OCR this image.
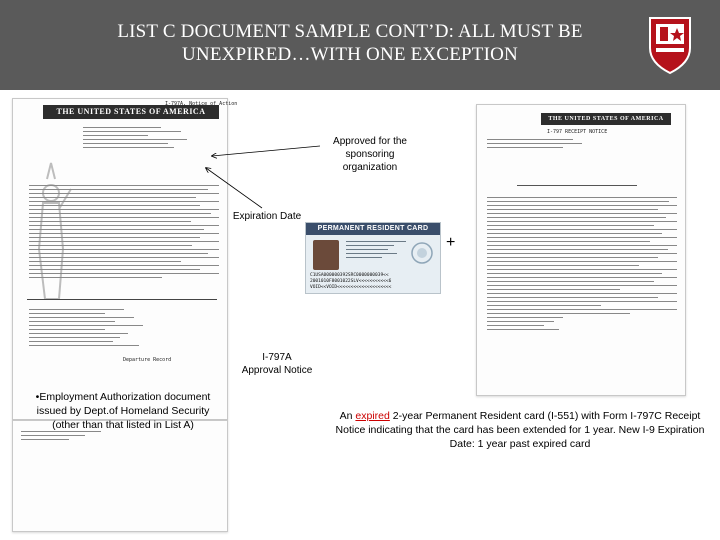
LIST C DOCUMENT SAMPLE CONT’D: ALL MUST BE
UNEXPIRED…WITH ONE EXCEPTION
THE UNITED STATES OF AMERICA
I-797A, Notice of Action
Departure Record
PERMANENT RESIDENT CARD
C1USA000000392SRC0000000039<<
2001010F8001022SLV<<<<<<<<<<<6
VOID<<VOID<<<<<<<<<<<<<<<<<<<<
+
THE UNITED STATES OF AMERICA
I-797 RECEIPT NOTICE
Approved for the
sponsoring
organization
Expiration Date
I-797A
Approval Notice
•Employment Authorization document
issued by Dept.of Homeland Security
(other than that listed in List A)
An expired 2-year Permanent Resident card (I-551) with Form I-797C Receipt Notice indicating that the card has been extended for 1 year. New I-9 Expiration Date: 1 year past expired card
